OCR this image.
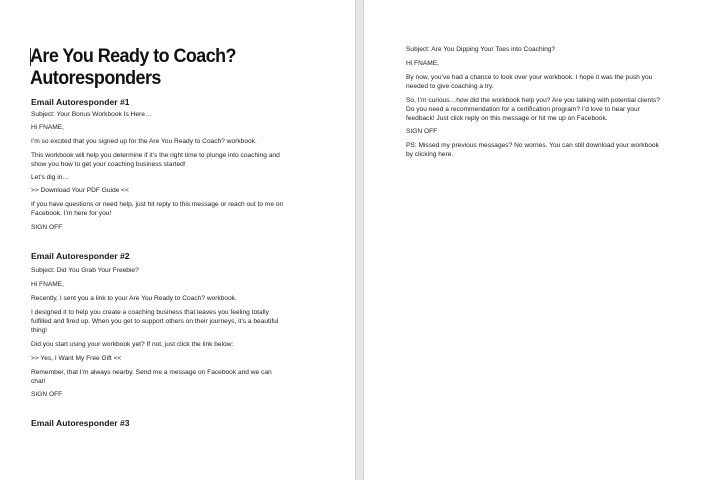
Are You Ready to Coach?
Autoresponders
Email Autoresponder #1
Subject: Your Bonus Workbook Is Here…
Hi FNAME,
I’m so excited that you signed up for the Are You Ready to Coach? workbook.
This workbook will help you determine if it’s the right time to plunge into coaching and
show you how to get your coaching business started!
Let’s dig in…
>> Download Your PDF Guide <<
If you have questions or need help, just hit reply to this message or reach out to me on
Facebook. I’m here for you!
SIGN OFF
Email Autoresponder #2
Subject: Did You Grab Your Freebie?
Hi FNAME,
Recently, I sent you a link to your Are You Ready to Coach? workbook.
I designed it to help you create a coaching business that leaves you feeling totally
fulfilled and fired up. When you get to support others on their journeys, it’s a beautiful
thing!
Did you start using your workbook yet? If not, just click the link below:
>> Yes, I Want My Free Gift <<
Remember, that I’m always nearby. Send me a message on Facebook and we can
chat!
SIGN OFF
Email Autoresponder #3
Subject: Are You Dipping Your Toes into Coaching?
Hi FNAME,
By now, you’ve had a chance to look over your workbook. I hope it was the push you
needed to give coaching a try.
So, I’m curious…how did the workbook help you? Are you talking with potential clients?
Do you need a recommendation for a certification program? I’d love to hear your
feedback! Just click reply on this message or hit me up on Facebook.
SIGN OFF
PS: Missed my previous messages? No worries. You can still download your workbook
by clicking here.
